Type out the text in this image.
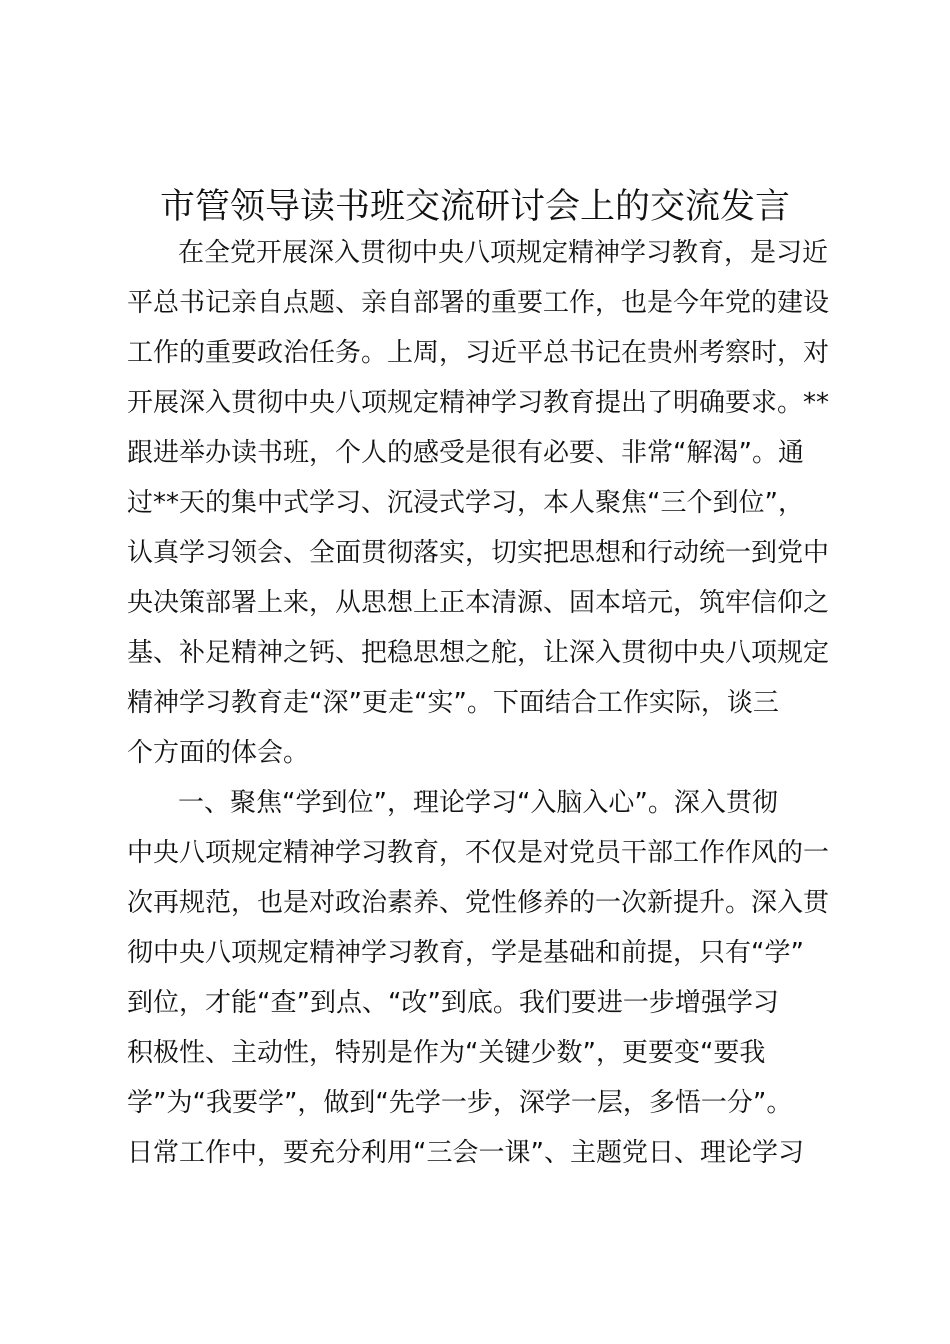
市管领导读书班交流研讨会上的交流发言
在全党开展深入贯彻中央八项规定精神学习教育，是习近
平总书记亲自点题、亲自部署的重要工作，也是今年党的建设
工作的重要政治任务。上周，习近平总书记在贵州考察时，对
开展深入贯彻中央八项规定精神学习教育提出了明确要求。**
跟进举办读书班，个人的感受是很有必要、非常“解渴”。通
过**天的集中式学习、沉浸式学习，本人聚焦“三个到位”，
认真学习领会、全面贯彻落实，切实把思想和行动统一到党中
央决策部署上来，从思想上正本清源、固本培元，筑牢信仰之
基、补足精神之钙、把稳思想之舵，让深入贯彻中央八项规定
精神学习教育走“深”更走“实”。下面结合工作实际，谈三
个方面的体会。
一、聚焦“学到位”，理论学习“入脑入心”。深入贯彻
中央八项规定精神学习教育，不仅是对党员干部工作作风的一
次再规范，也是对政治素养、党性修养的一次新提升。深入贯
彻中央八项规定精神学习教育，学是基础和前提，只有“学”
到位，才能“查”到点、“改”到底。我们要进一步增强学习
积极性、主动性，特别是作为“关键少数”，更要变“要我
学”为“我要学”，做到“先学一步，深学一层，多悟一分”。
日常工作中，要充分利用“三会一课”、主题党日、理论学习
